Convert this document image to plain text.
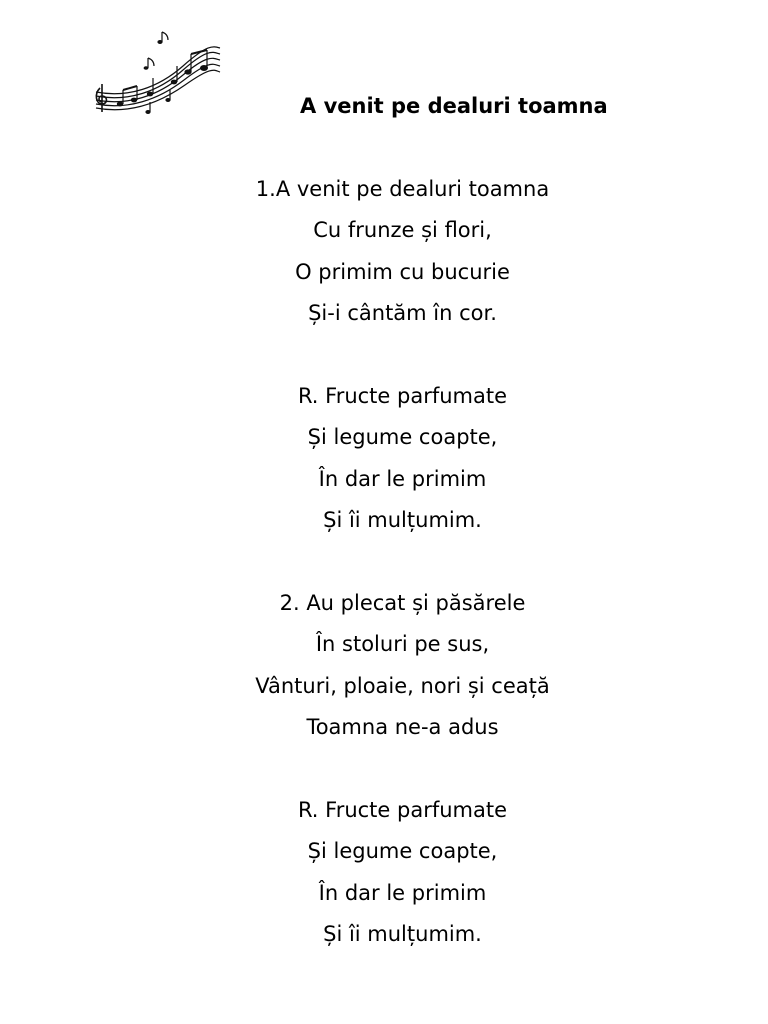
A venit pe dealuri toamna
1.A venit pe dealuri toamna
Cu frunze și flori,
O primim cu bucurie
Și-i cântăm în cor.
R. Fructe parfumate
Și legume coapte,
În dar le primim
Și îi mulțumim.
2. Au plecat și păsărele
În stoluri pe sus,
Vânturi, ploaie, nori și ceață
Toamna ne-a adus
R. Fructe parfumate
Și legume coapte,
În dar le primim
Și îi mulțumim.
